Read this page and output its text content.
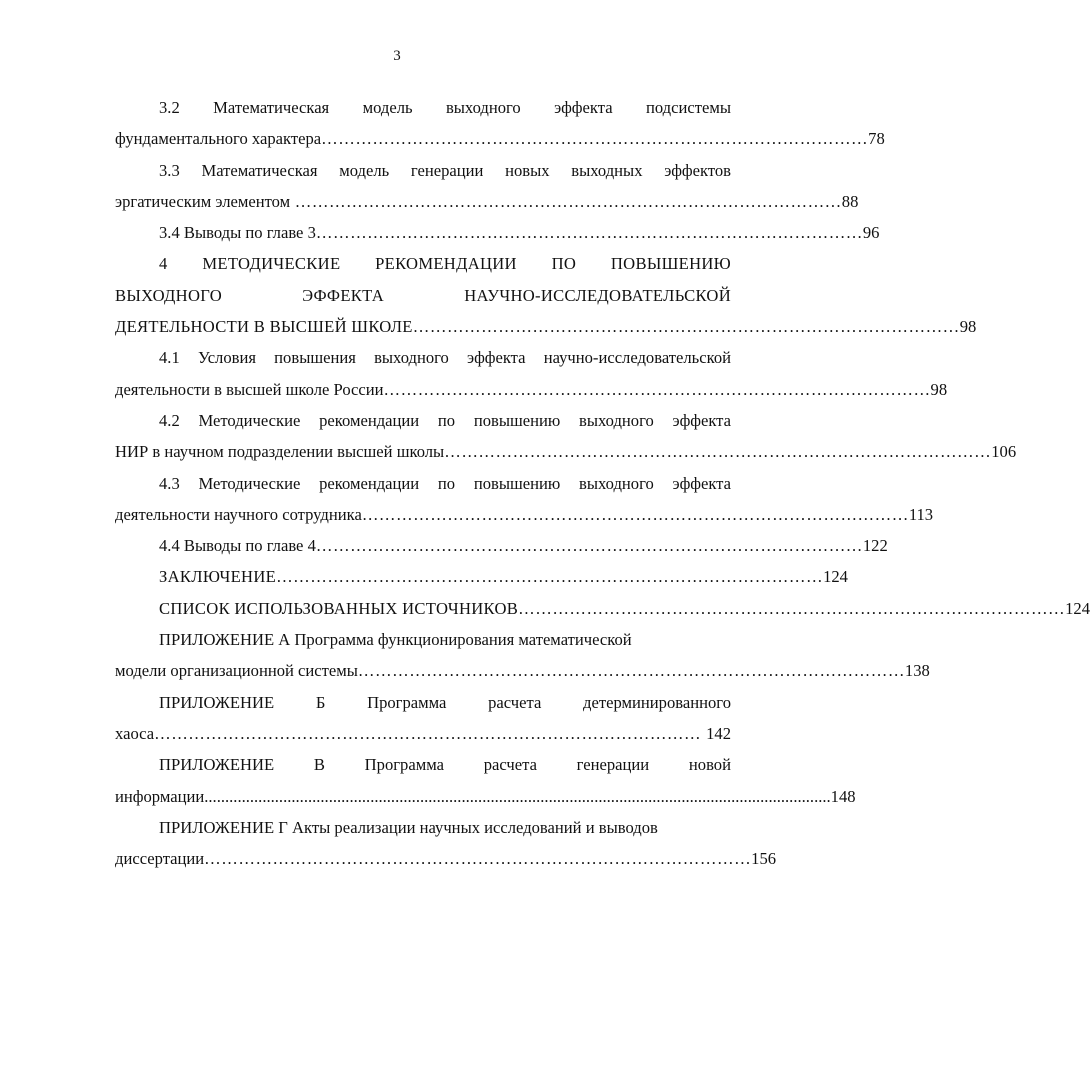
3
3.2 Математическая модель выходного эффекта подсистемы
фундаментального характера …………………………………………………………………………………… 78
3.3 Математическая модель генерации новых выходных эффектов
эргатическим элементом …………………………………………………………………………………… 88
3.4 Выводы по главе 3 …………………………………………………………………………………… 96
4 МЕТОДИЧЕСКИЕ РЕКОМЕНДАЦИИ ПО ПОВЫШЕНИЮ
ВЫХОДНОГО ЭФФЕКТА НАУЧНО-ИССЛЕДОВАТЕЛЬСКОЙ
ДЕЯТЕЛЬНОСТИ В ВЫСШЕЙ ШКОЛЕ …………………………………………………………………………………… 98
4.1 Условия повышения выходного эффекта научно-исследовательской
деятельности в высшей школе России …………………………………………………………………………………… 98
4.2 Методические рекомендации по повышению выходного эффекта
НИР в научном подразделении высшей школы …………………………………………………………………………………… 106
4.3 Методические рекомендации по повышению выходного эффекта
деятельности научного сотрудника …………………………………………………………………………………… 113
4.4 Выводы по главе 4 …………………………………………………………………………………… 122
ЗАКЛЮЧЕНИЕ …………………………………………………………………………………… 124
СПИСОК ИСПОЛЬЗОВАННЫХ ИСТОЧНИКОВ …………………………………………………………………………………… 124
ПРИЛОЖЕНИЕ А Программа функционирования математической
модели организационной системы …………………………………………………………………………………… 138
ПРИЛОЖЕНИЕ Б Программа расчета детерминированного
хаоса …………………………………………………………………………………… 142
ПРИЛОЖЕНИЕ В Программа расчета генерации новой
информации ....................................................................................................................................................... 148
ПРИЛОЖЕНИЕ Г Акты реализации научных исследований и выводов
диссертации …………………………………………………………………………………… 156
